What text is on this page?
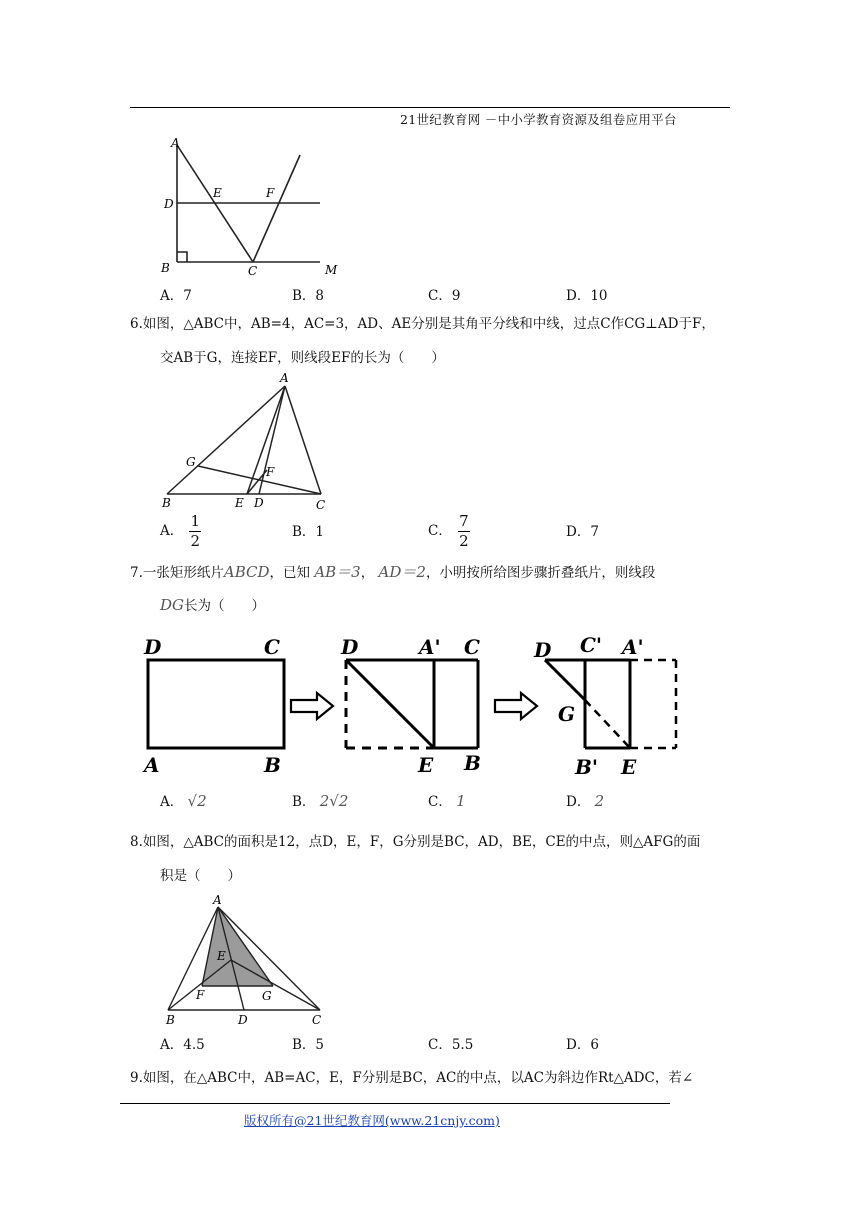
21世纪教育网 －中小学教育资源及组卷应用平台
A
E	F
D
B	C	M
A．7	B．8	C．9	D．10
6.如图，△ABC中，AB=4，AC=3，AD、AE分别是其角平分线和中线，过点C作CG⊥AD于F，
交AB于G，连接EF，则线段EF的长为（　　）
A
G
F
B	E D	C
A． $\frac{1}{2}$	B．1	C． $\frac{7}{2}$	D．7
7.一张矩形纸片ABCD，已知 AB＝3， AD＝2，小明按所给图步骤折叠纸片，则线段
DG长为（　　）
D	C
A	B
D	A' C
E B
D C' A'
G
B' E
A． √2	B． 2√2	C． 1	D． 2
8.如图，△ABC的面积是12，点D，E，F，G分别是BC，AD，BE，CE的中点，则△AFG的面
积是（　　）
A
E
F	G
B	D	C
A．4.5	B．5	C．5.5	D．6
9.如图，在△ABC中，AB=AC，E，F分别是BC，AC的中点，以AC为斜边作Rt△ADC，若∠
版权所有@21世纪教育网(www.21cnjy.com)
